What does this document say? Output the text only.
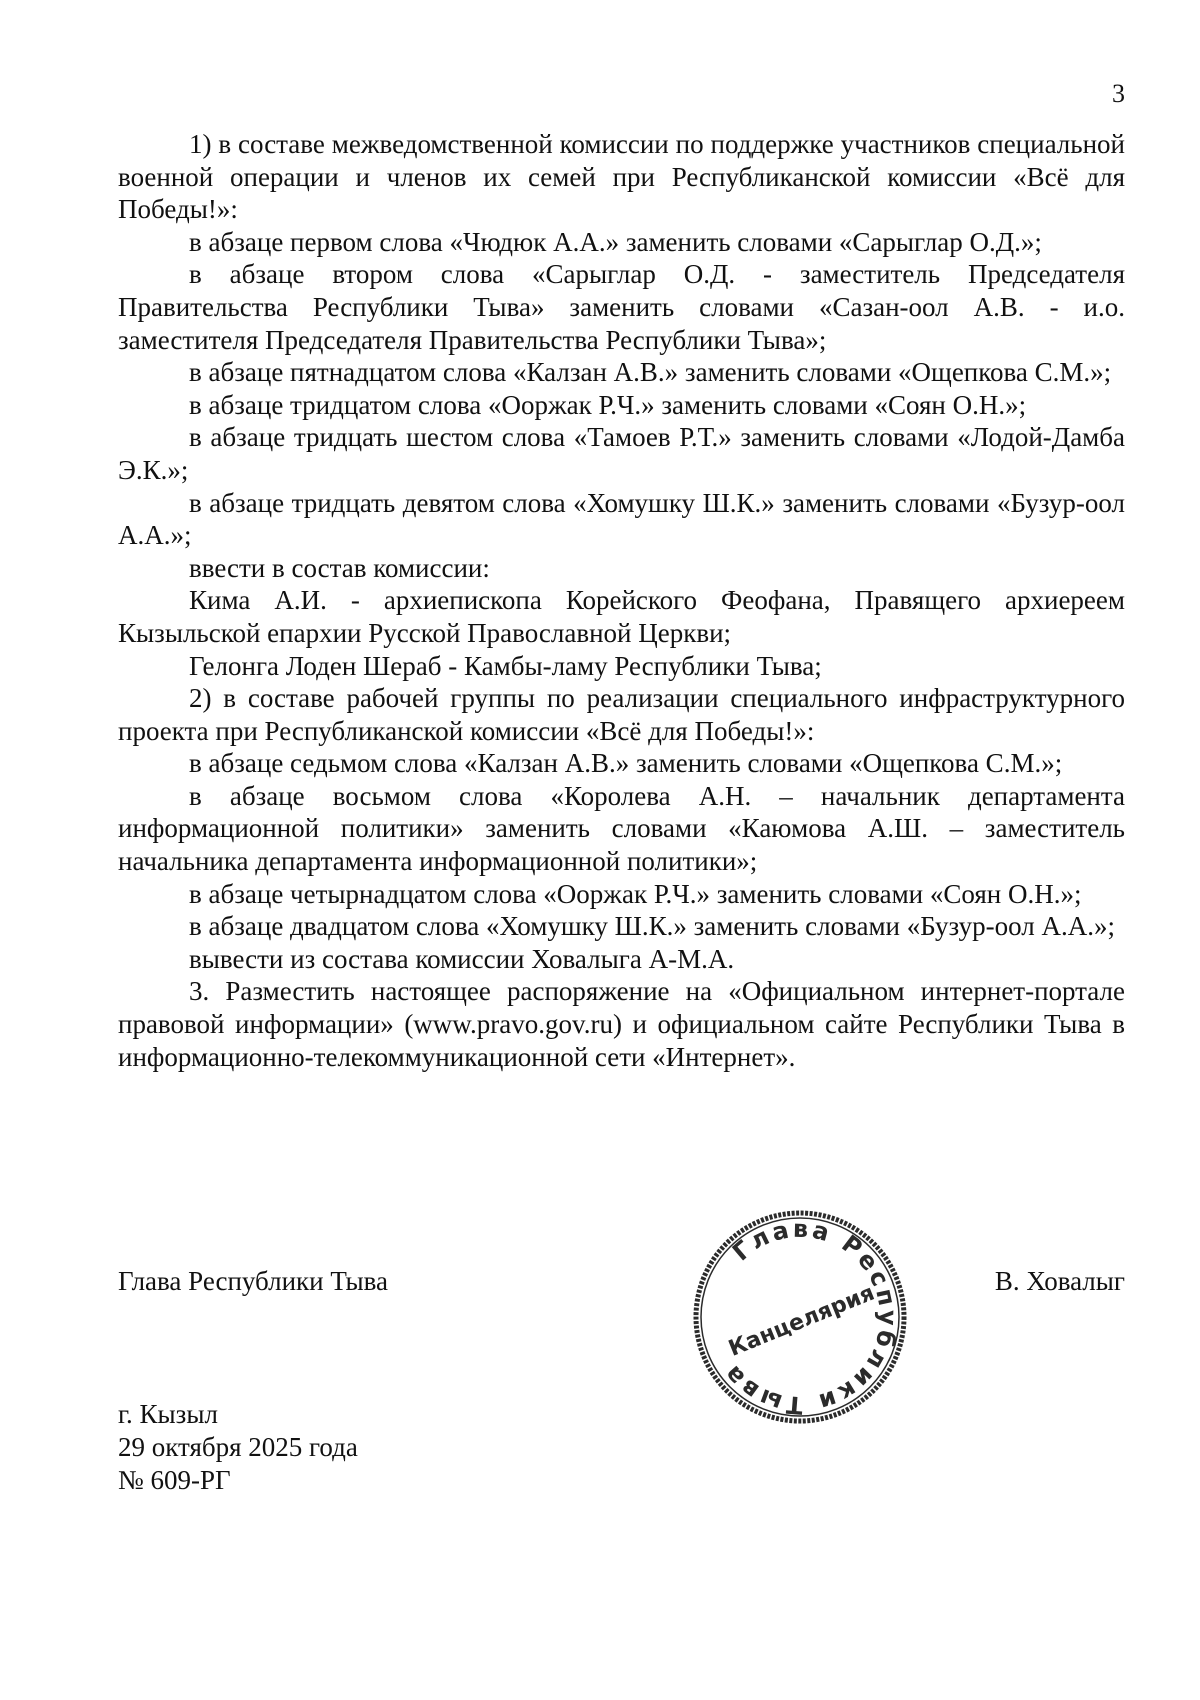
3

1) в составе межведомственной комиссии по поддержке участников специальной военной операции и членов их семей при Республиканской комиссии «Всё для Победы!»:

в абзаце первом слова «Чюдюк А.А.» заменить словами «Сарыглар О.Д.»;

в абзаце втором слова «Сарыглар О.Д. - заместитель Председателя Правительства Республики Тыва» заменить словами «Сазан-оол А.В. - и.о. заместителя Председателя Правительства Республики Тыва»;

в абзаце пятнадцатом слова «Калзан А.В.» заменить словами «Ощепкова С.М.»;

в абзаце тридцатом слова «Ооржак Р.Ч.» заменить словами «Соян О.Н.»;

в абзаце тридцать шестом слова «Тамоев Р.Т.» заменить словами «Лодой-Дамба Э.К.»;

в абзаце тридцать девятом слова «Хомушку Ш.К.» заменить словами «Бузур-оол А.А.»;

ввести в состав комиссии:

Кима А.И. - архиепископа Корейского Феофана, Правящего архиереем Кызыльской епархии Русской Православной Церкви;

Гелонга Лоден Шераб - Камбы-ламу Республики Тыва;

2) в составе рабочей группы по реализации специального инфраструктурного проекта при Республиканской комиссии «Всё для Победы!»:

в абзаце седьмом слова «Калзан А.В.» заменить словами «Ощепкова С.М.»;

в абзаце восьмом слова «Королева А.Н. – начальник департамента информационной политики» заменить словами «Каюмова А.Ш. – заместитель начальника департамента информационной политики»;

в абзаце четырнадцатом слова «Ооржак Р.Ч.» заменить словами «Соян О.Н.»;

в абзаце двадцатом слова «Хомушку Ш.К.» заменить словами «Бузур-оол А.А.»;

вывести из состава комиссии Ховалыга А-М.А.

3. Разместить настоящее распоряжение на «Официальном интернет-портале правовой информации» (www.pravo.gov.ru) и официальном сайте Республики Тыва в информационно-телекоммуникационной сети «Интернет».

Глава Республики Тыва	В. Ховалыг
Глава Республики Тыва
Канцелярия
г. Кызыл
29 октября 2025 года
№ 609-РГ
